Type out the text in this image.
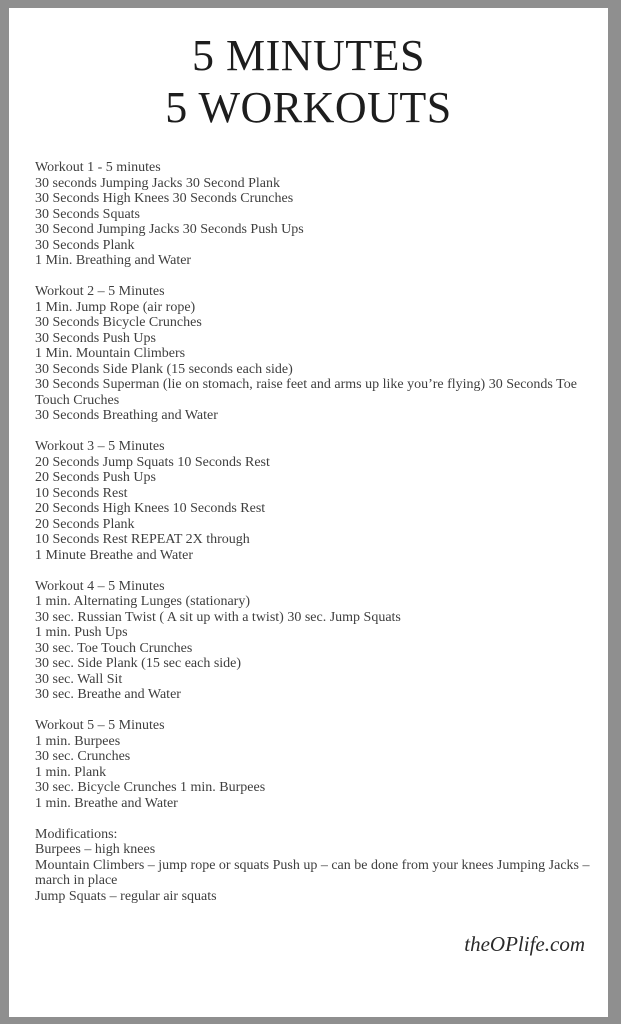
5 MINUTES
5 WORKOUTS
Workout 1 - 5 minutes
30 seconds Jumping Jacks 30 Second Plank
30 Seconds High Knees 30 Seconds Crunches
30 Seconds Squats
30 Second Jumping Jacks 30 Seconds Push Ups
30 Seconds Plank
1 Min. Breathing and Water
Workout 2 – 5 Minutes
1 Min. Jump Rope (air rope)
30 Seconds Bicycle Crunches
30 Seconds Push Ups
1 Min. Mountain Climbers
30 Seconds Side Plank (15 seconds each side)
30 Seconds Superman (lie on stomach, raise feet and arms up like you’re flying) 30 Seconds Toe Touch Cruches
30 Seconds Breathing and Water
Workout 3 – 5 Minutes
20 Seconds Jump Squats 10 Seconds Rest
20 Seconds Push Ups
10 Seconds Rest
20 Seconds High Knees 10 Seconds Rest
20 Seconds Plank
10 Seconds Rest REPEAT 2X through
1 Minute Breathe and Water
Workout 4 – 5 Minutes
1 min. Alternating Lunges (stationary)
30 sec. Russian Twist ( A sit up with a twist) 30 sec. Jump Squats
1 min. Push Ups
30 sec. Toe Touch Crunches
30 sec. Side Plank (15 sec each side)
30 sec. Wall Sit
30 sec. Breathe and Water
Workout 5 – 5 Minutes
1 min. Burpees
30 sec. Crunches
1 min. Plank
30 sec. Bicycle Crunches 1 min. Burpees
1 min. Breathe and Water
Modifications:
Burpees – high knees
Mountain Climbers – jump rope or squats Push up – can be done from your knees Jumping Jacks – march in place
Jump Squats – regular air squats
theOPlife.com
